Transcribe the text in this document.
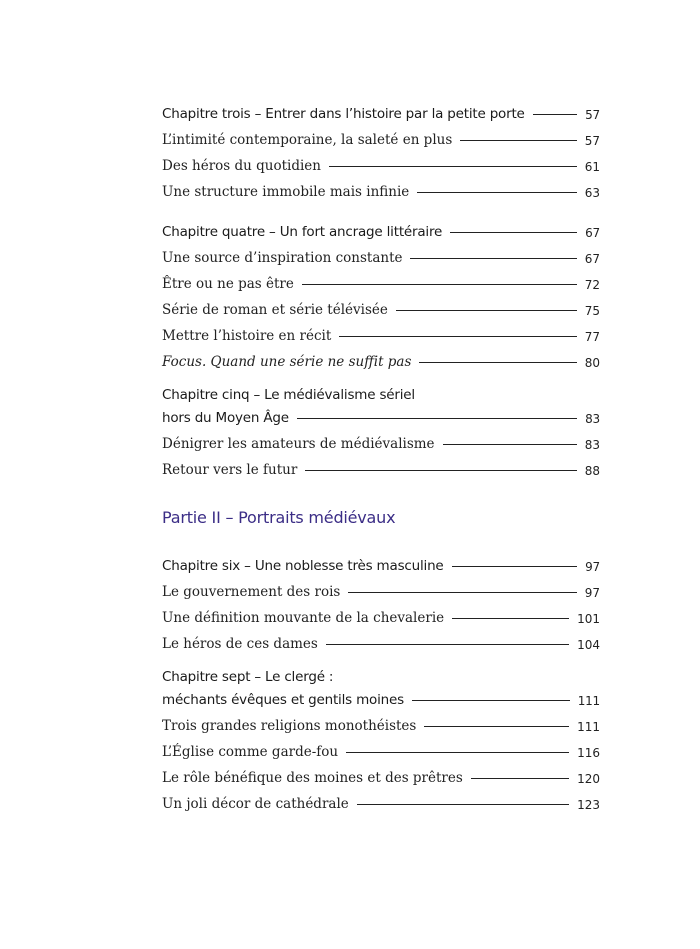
Chapitre trois – Entrer dans l’histoire par la petite porte	57
L’intimité contemporaine, la saleté en plus	57
Des héros du quotidien	61
Une structure immobile mais infinie	63
Chapitre quatre – Un fort ancrage littéraire	67
Une source d’inspiration constante	67
Être ou ne pas être	72
Série de roman et série télévisée	75
Mettre l’histoire en récit	77
Focus. Quand une série ne suffit pas	80
Chapitre cinq – Le médiévalisme sériel
hors du Moyen Âge	83
Dénigrer les amateurs de médiévalisme	83
Retour vers le futur	88
Partie II – Portraits médiévaux
Chapitre six – Une noblesse très masculine	97
Le gouvernement des rois	97
Une définition mouvante de la chevalerie	101
Le héros de ces dames	104
Chapitre sept – Le clergé :
méchants évêques et gentils moines	111
Trois grandes religions monothéistes	111
L’Église comme garde-fou	116
Le rôle bénéfique des moines et des prêtres	120
Un joli décor de cathédrale	123
